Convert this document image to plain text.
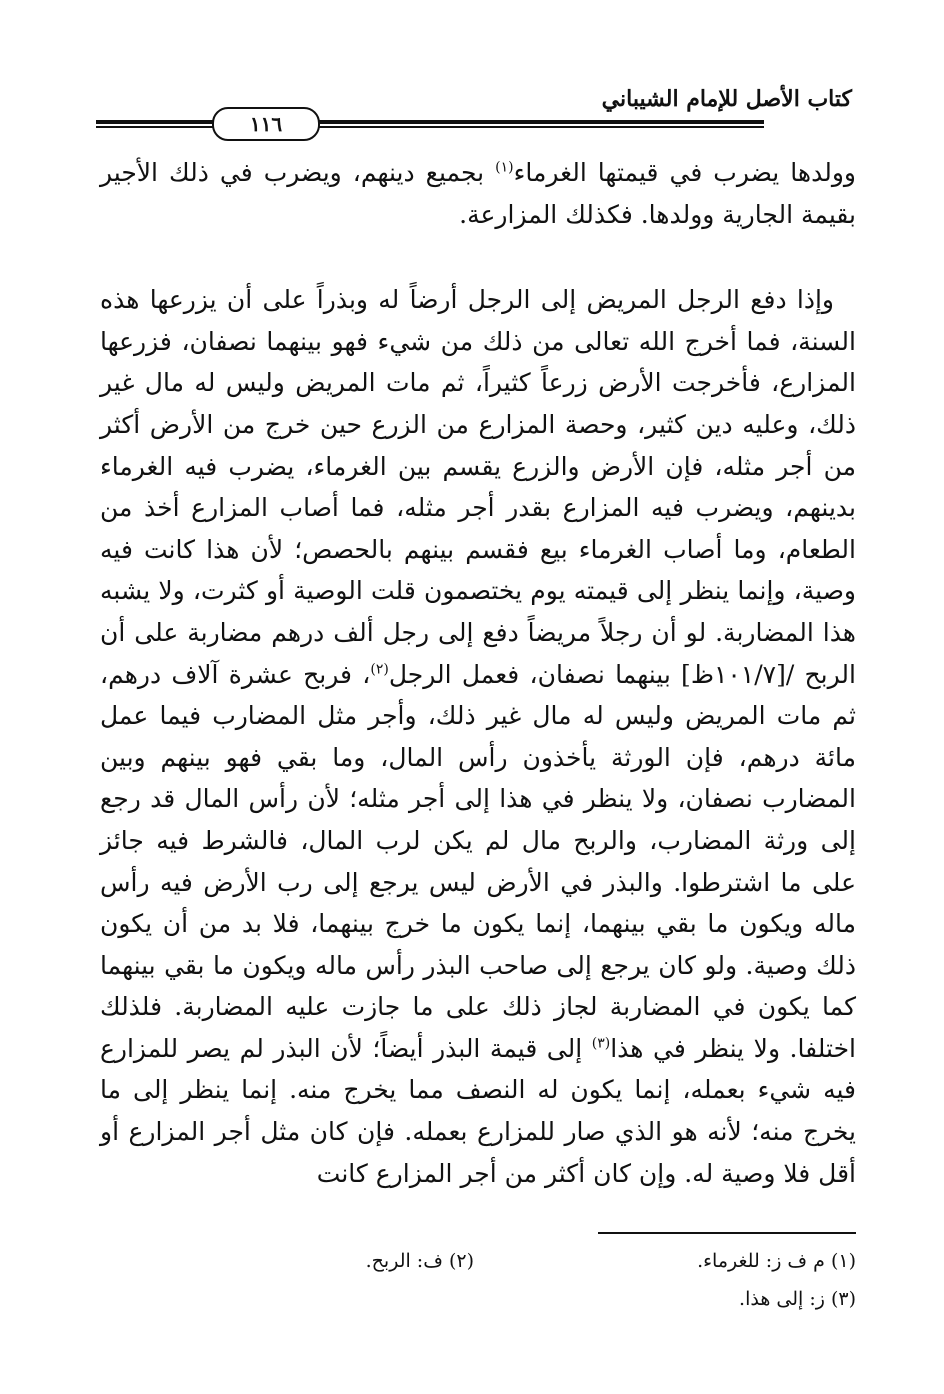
١١٦
كتاب الأصل للإمام الشيباني

وولدها يضرب في قيمتها الغرماء$^{(١)}$ بجميع دينهم، ويضرب في ذلك الأجير بقيمة الجارية وولدها. فكذلك المزارعة.

وإذا دفع الرجل المريض إلى الرجل أرضاً له وبذراً على أن يزرعها هذه السنة، فما أخرج الله تعالى من ذلك من شيء فهو بينهما نصفان، فزرعها المزارع، فأخرجت الأرض زرعاً كثيراً، ثم مات المريض وليس له مال غير ذلك، وعليه دين كثير، وحصة المزارع من الزرع حين خرج من الأرض أكثر من أجر مثله، فإن الأرض والزرع يقسم بين الغرماء، يضرب فيه الغرماء بدينهم، ويضرب فيه المزارع بقدر أجر مثله، فما أصاب المزارع أخذ من الطعام، وما أصاب الغرماء بيع فقسم بينهم بالحصص؛ لأن هذا كانت فيه وصية، وإنما ينظر إلى قيمته يوم يختصمون قلت الوصية أو كثرت، ولا يشبه هذا المضاربة. لو أن رجلاً مريضاً دفع إلى رجل ألف درهم مضاربة على أن الربح /[١٠١/٧ظ] بينهما نصفان، فعمل الرجل$^{(٢)}$، فربح عشرة آلاف درهم، ثم مات المريض وليس له مال غير ذلك، وأجر مثل المضارب فيما عمل مائة درهم، فإن الورثة يأخذون رأس المال، وما بقي فهو بينهم وبين المضارب نصفان، ولا ينظر في هذا إلى أجر مثله؛ لأن رأس المال قد رجع إلى ورثة المضارب، والربح مال لم يكن لرب المال، فالشرط فيه جائز على ما اشترطوا. والبذر في الأرض ليس يرجع إلى رب الأرض فيه رأس ماله ويكون ما بقي بينهما، إنما يكون ما خرج بينهما، فلا بد من أن يكون ذلك وصية. ولو كان يرجع إلى صاحب البذر رأس ماله ويكون ما بقي بينهما كما يكون في المضاربة لجاز ذلك على ما جازت عليه المضاربة. فلذلك اختلفا. ولا ينظر في هذا$^{(٣)}$ إلى قيمة البذر أيضاً؛ لأن البذر لم يصر للمزارع فيه شيء بعمله، إنما يكون له النصف مما يخرج منه. إنما ينظر إلى ما يخرج منه؛ لأنه هو الذي صار للمزارع بعمله. فإن كان مثل أجر المزارع أو أقل فلا وصية له. وإن كان أكثر من أجر المزارع كانت

(١) م ف ز: للغرماء.
(٢) ف: الربح.
(٣) ز: إلى هذا.
